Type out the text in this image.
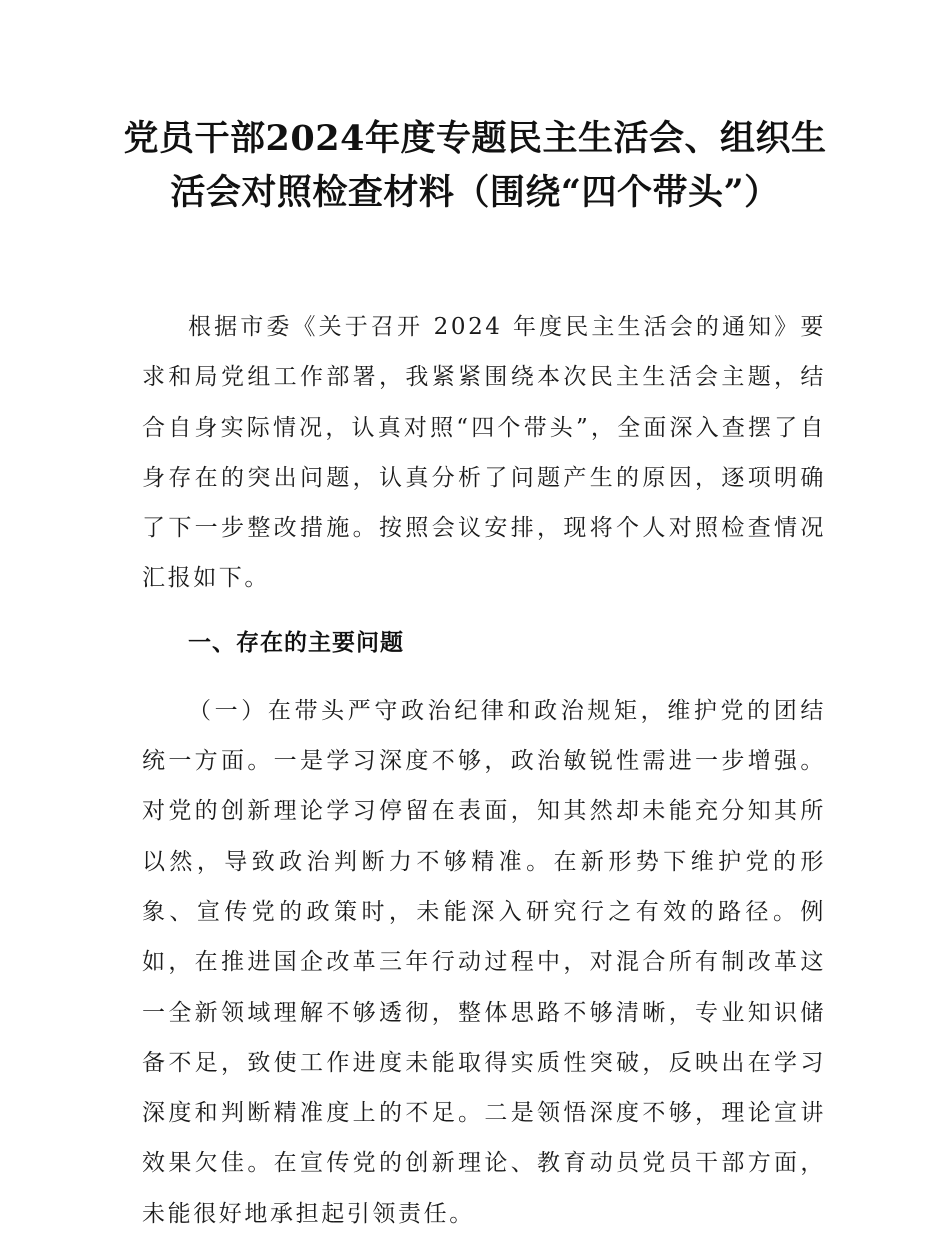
党员干部2024年度专题民主生活会、组织生活会对照检查材料（围绕“四个带头”）

根据市委《关于召开 2024 年度民主生活会的通知》要求和局党组工作部署，我紧紧围绕本次民主生活会主题，结合自身实际情况，认真对照“四个带头”，全面深入查摆了自身存在的突出问题，认真分析了问题产生的原因，逐项明确了下一步整改措施。按照会议安排，现将个人对照检查情况汇报如下。

一、存在的主要问题

（一）在带头严守政治纪律和政治规矩，维护党的团结统一方面。一是学习深度不够，政治敏锐性需进一步增强。对党的创新理论学习停留在表面，知其然却未能充分知其所以然，导致政治判断力不够精准。在新形势下维护党的形象、宣传党的政策时，未能深入研究行之有效的路径。例如，在推进国企改革三年行动过程中，对混合所有制改革这一全新领域理解不够透彻，整体思路不够清晰，专业知识储备不足，致使工作进度未能取得实质性突破，反映出在学习深度和判断精准度上的不足。二是领悟深度不够，理论宣讲效果欠佳。在宣传党的创新理论、教育动员党员干部方面，未能很好地承担起引领责任。
